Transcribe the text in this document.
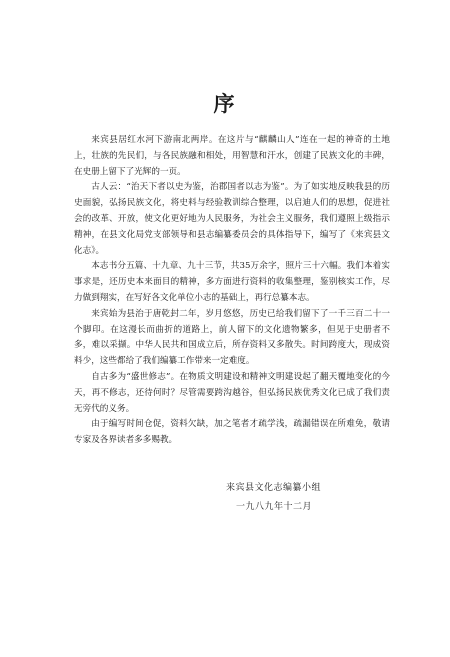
序

来宾县居红水河下游南北两岸。在这片与“麒麟山人”连在一起的神奇的土地上，壮族的先民们，与各民族融和相处，用智慧和汗水，创建了民族文化的丰碑，在史册上留下了光辉的一页。

古人云：“治天下者以史为鉴，治郡国者以志为鉴”。为了如实地反映我县的历史面貌，弘扬民族文化，将史料与经验教训综合整理，以启迪人们的思想，促进社会的改革、开放，使文化更好地为人民服务，为社会主义服务，我们遵照上级指示精神，在县文化局党支部领导和县志编纂委员会的具体指导下，编写了《来宾县文化志》。

本志书分五篇、十九章、九十三节，共35万余字，照片三十六幅。我们本着实事求是，还历史本来面目的精神，多方面进行资料的收集整理，鉴别核实工作，尽力做到翔实，在写好各文化单位小志的基础上，再行总纂本志。

来宾始为县治于唐乾封二年，岁月悠悠，历史已给我们留下了一千三百二十一个脚印。在这漫长而曲折的道路上，前人留下的文化遗物繁多，但见于史册者不多，难以采撷。中华人民共和国成立后，所存资料又多散失。时间跨度大，现成资料少，这些都给了我们编纂工作带来一定难度。

自古多为“盛世修志”。在物质文明建设和精神文明建设起了翻天覆地变化的今天，再不修志，还待何时？尽管需要跨沟越谷，但弘扬民族优秀文化已成了我们责无旁代的义务。

由于编写时间仓促，资料欠缺，加之笔者才疏学浅，疏漏错误在所难免，敬请专家及各界读者多多赐教。

来宾县文化志编纂小组
一九八九年十二月
